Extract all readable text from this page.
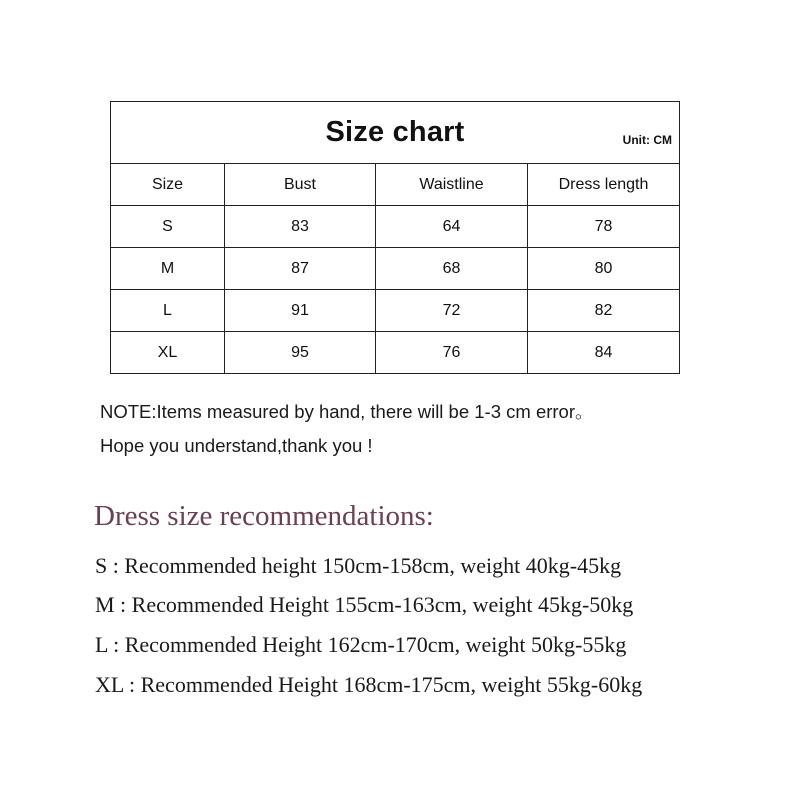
Size chart Unit: CM			

Size	Bust	Waistline	Dress length
S	83	64	78
M	87	68	80
L	91	72	82
XL	95	76	84
NOTE:Items measured by hand, there will be 1-3 cm error。
Hope you understand,thank you !
Dress size recommendations:
S : Recommended height 150cm-158cm, weight 40kg-45kg
M : Recommended Height 155cm-163cm, weight 45kg-50kg
L : Recommended Height 162cm-170cm, weight 50kg-55kg
XL : Recommended Height 168cm-175cm, weight 55kg-60kg
